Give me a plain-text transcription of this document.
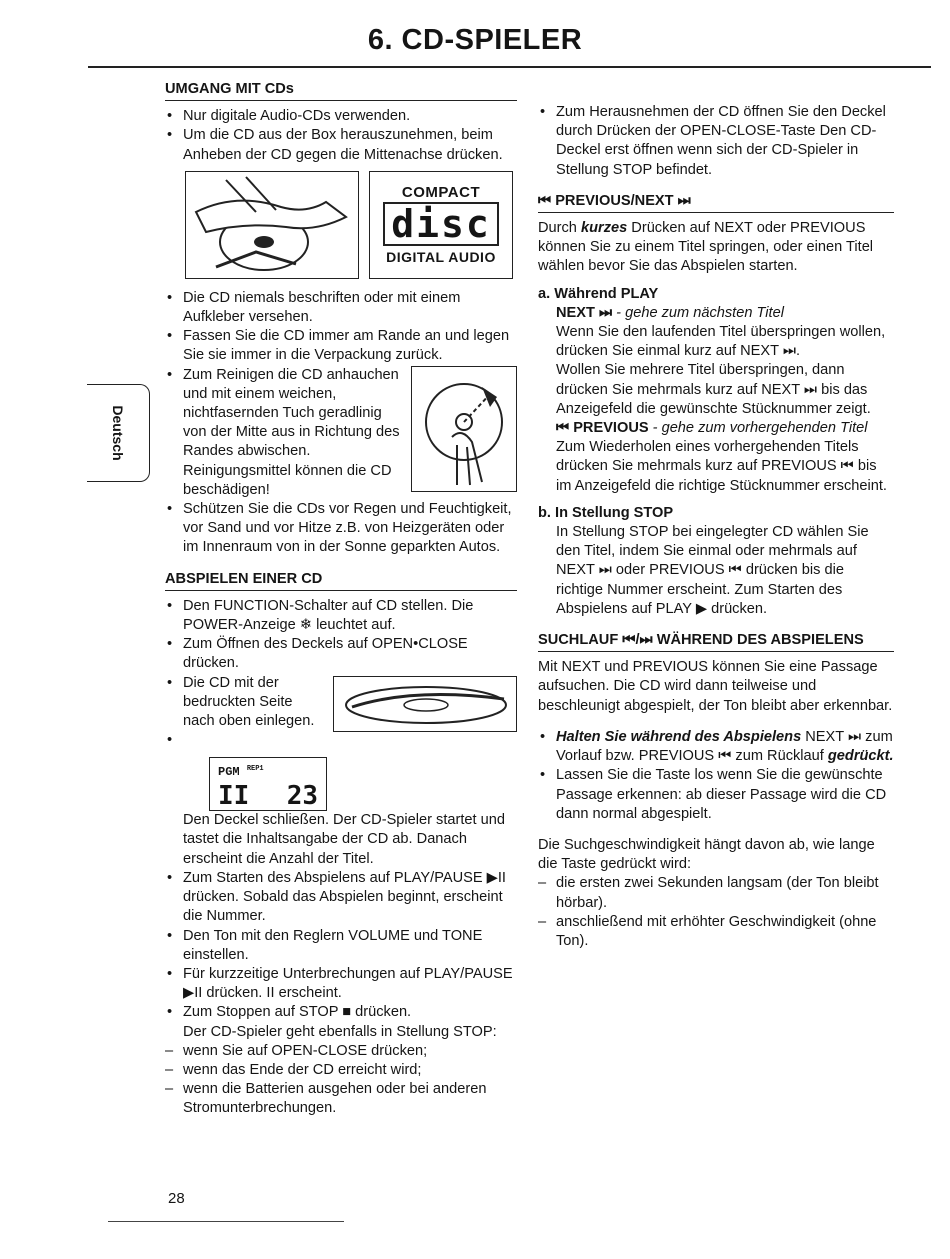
6. CD-SPIELER
Deutsch
UMGANG MIT CDs
• Nur digitale Audio-CDs verwenden.
• Um die CD aus der Box herauszunehmen, beim Anheben der CD gegen die Mittenachse drücken.
COMPACT
disc
DIGITAL AUDIO
• Die CD niemals beschriften oder mit einem Aufkleber versehen.
• Fassen Sie die CD immer am Rande an und legen Sie sie immer in die Verpackung zurück.
• Zum Reinigen die CD anhauchen und mit einem weichen, nichtfasernden Tuch geradlinig von der Mitte aus in Richtung des Randes abwischen. Reinigungsmittel können die CD beschädigen!
• Schützen Sie die CDs vor Regen und Feuchtigkeit, vor Sand und vor Hitze z.B. von Heizgeräten oder im Innenraum von in der Sonne geparkten Autos.
ABSPIELEN EINER CD
• Den FUNCTION-Schalter auf CD stellen. Die POWER-Anzeige ❄ leuchtet auf.
• Zum Öffnen des Deckels auf OPEN•CLOSE drücken.
• Die CD mit der bedruckten Seite nach oben einlegen.
• PGM $^{REP1}$
II 23
Den Deckel schließen. Der CD-Spieler startet und tastet die Inhaltsangabe der CD ab. Danach erscheint die Anzahl der Titel.
• Zum Starten des Abspielens auf PLAY/PAUSE ▶II drücken. Sobald das Abspielen beginnt, erscheint die Nummer.
• Den Ton mit den Reglern VOLUME und TONE einstellen.
• Für kurzzeitige Unterbrechungen auf PLAY/PAUSE ▶II drücken. II erscheint.
• Zum Stoppen auf STOP ■ drücken.
Der CD-Spieler geht ebenfalls in Stellung STOP:
– wenn Sie auf OPEN-CLOSE drücken;
– wenn das Ende der CD erreicht wird;
– wenn die Batterien ausgehen oder bei anderen Stromunterbrechungen.
• Zum Herausnehmen der CD öffnen Sie den Deckel durch Drücken der OPEN-CLOSE-Taste Den CD-Deckel erst öffnen wenn sich der CD-Spieler in Stellung STOP befindet.
⏮ PREVIOUS/NEXT ⏭

Durch kurzes Drücken auf NEXT oder PREVIOUS können Sie zu einem Titel springen, oder einen Titel wählen bevor Sie das Abspielen starten.

a. Während PLAY
NEXT ⏭ - gehe zum nächsten Titel

Wenn Sie den laufenden Titel überspringen wollen, drücken Sie einmal kurz auf NEXT ⏭.

Wollen Sie mehrere Titel überspringen, dann drücken Sie mehrmals kurz auf NEXT ⏭ bis das Anzeigefeld die gewünschte Stücknummer zeigt.

⏮ PREVIOUS - gehe zum vorhergehenden Titel

Zum Wiederholen eines vorhergehenden Titels drücken Sie mehrmals kurz auf PREVIOUS ⏮ bis im Anzeigefeld die richtige Stücknummer erscheint.

b. In Stellung STOP

In Stellung STOP bei eingelegter CD wählen Sie den Titel, indem Sie einmal oder mehrmals auf NEXT ⏭ oder PREVIOUS ⏮ drücken bis die richtige Nummer erscheint. Zum Starten des Abspielens auf PLAY ▶ drücken.

SUCHLAUF ⏮/⏭ WÄHREND DES ABSPIELENS

Mit NEXT und PREVIOUS können Sie eine Passage aufsuchen. Die CD wird dann teilweise und beschleunigt abgespielt, der Ton bleibt aber erkennbar.

• Halten Sie während des Abspielens NEXT ⏭ zum Vorlauf bzw. PREVIOUS ⏮ zum Rücklauf gedrückt.
• Lassen Sie die Taste los wenn Sie die gewünschte Passage erkennen: ab dieser Passage wird die CD dann normal abgespielt.

Die Suchgeschwindigkeit hängt davon ab, wie lange die Taste gedrückt wird:

– die ersten zwei Sekunden langsam (der Ton bleibt hörbar).
– anschließend mit erhöhter Geschwindigkeit (ohne Ton).
28
